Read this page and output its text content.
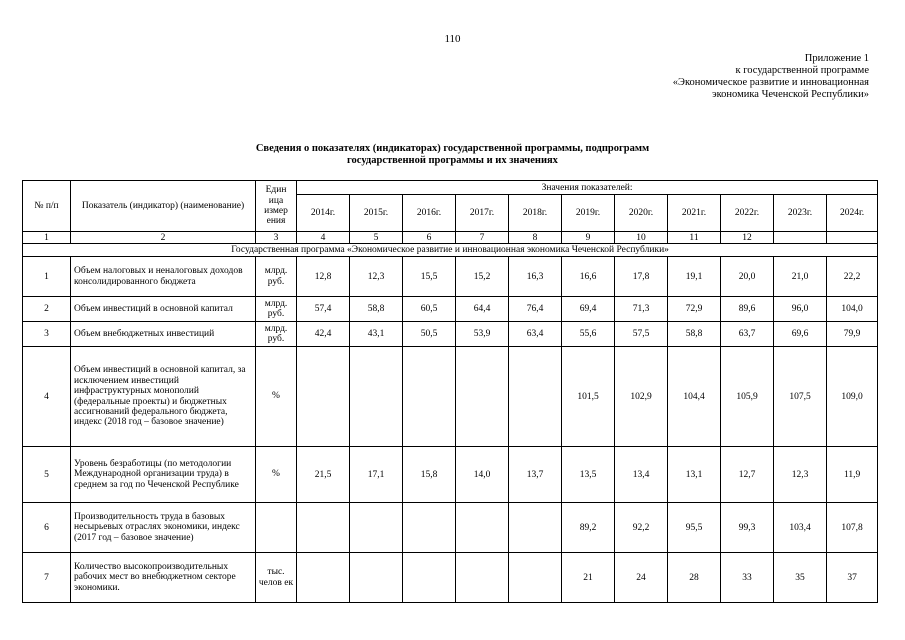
110
Приложение 1
к государственной программе
«Экономическое развитие и инновационная
экономика Чеченской Республики»
Сведения о показателях (индикаторах) государственной программы, подпрограмм
государственной программы и их значениях
№ п/п	Показатель (индикатор) (наименование)	Един ица измер ения	Значения показателей:										
			2014г.	2015г.	2016г.	2017г.	2018г.	2019г.	2020г.	2021г.	2022г.	2023г.	2024г.
1	2	3	4	5	6	7	8	9	10	11	12		
Государственная программа «Экономическое развитие и инновационная экономика Чеченской Республики»													
1	Объем налоговых и неналоговых доходов консолидированного бюджета	млрд. руб.	12,8	12,3	15,5	15,2	16,3	16,6	17,8	19,1	20,0	21,0	22,2
2	Объем инвестиций в основной капитал	млрд. руб.	57,4	58,8	60,5	64,4	76,4	69,4	71,3	72,9	89,6	96,0	104,0
3	Объем внебюджетных инвестиций	млрд. руб.	42,4	43,1	50,5	53,9	63,4	55,6	57,5	58,8	63,7	69,6	79,9
4	Объем инвестиций в основной капитал, за исключением инвестиций инфраструктурных монополий (федеральные проекты) и бюджетных ассигнований федерального бюджета, индекс (2018 год – базовое значение)	%						101,5	102,9	104,4	105,9	107,5	109,0
5	Уровень безработицы (по методологии Международной организации труда) в среднем за год по Чеченской Республике	%	21,5	17,1	15,8	14,0	13,7	13,5	13,4	13,1	12,7	12,3	11,9
6	Производительность труда в базовых несырьевых отраслях экономики, индекс (2017 год – базовое значение)							89,2	92,2	95,5	99,3	103,4	107,8
7	Количество высокопроизводительных рабочих мест во внебюджетном секторе экономики.	тыс. челов ек						21	24	28	33	35	37
